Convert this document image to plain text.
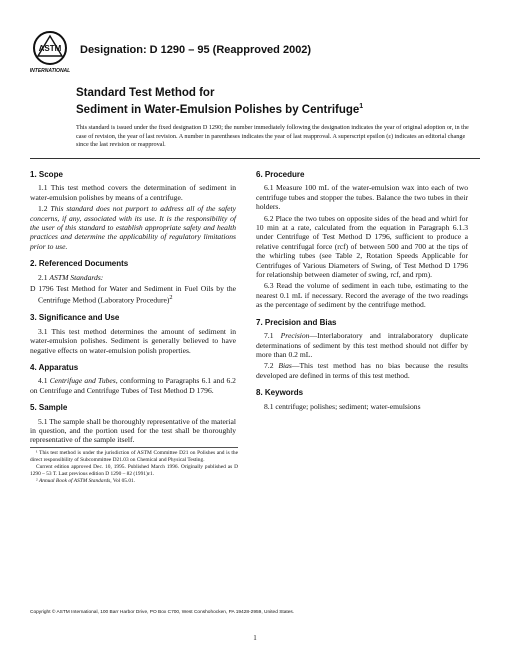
ASTM
INTERNATIONAL
Designation: D 1290 – 95 (Reapproved 2002)
Standard Test Method for
Sediment in Water-Emulsion Polishes by Centrifuge$^1$
This standard is issued under the fixed designation D 1290; the number immediately following the designation indicates the year of original adoption or, in the case of revision, the year of last revision. A number in parentheses indicates the year of last reapproval. A superscript epsilon (ε) indicates an editorial change since the last revision or reapproval.
1. Scope

1.1 This test method covers the determination of sediment in water-emulsion polishes by means of a centrifuge.

1.2 This standard does not purport to address all of the safety concerns, if any, associated with its use. It is the responsibility of the user of this standard to establish appropriate safety and health practices and determine the applicability of regulatory limitations prior to use.

2. Referenced Documents

2.1 ASTM Standards:

D 1796 Test Method for Water and Sediment in Fuel Oils by the Centrifuge Method (Laboratory Procedure)$^2$

3. Significance and Use

3.1 This test method determines the amount of sediment in water-emulsion polishes. Sediment is generally believed to have negative effects on water-emulsion polish properties.

4. Apparatus

4.1 Centrifuge and Tubes, conforming to Paragraphs 6.1 and 6.2 on Centrifuge and Centrifuge Tubes of Test Method D 1796.

5. Sample

5.1 The sample shall be thoroughly representative of the material in question, and the portion used for the test shall be thoroughly representative of the sample itself.

6. Procedure

6.1 Measure 100 mL of the water-emulsion wax into each of two centrifuge tubes and stopper the tubes. Balance the two tubes in their holders.

6.2 Place the two tubes on opposite sides of the head and whirl for 10 min at a rate, calculated from the equation in Paragraph 6.1.3 under Centrifuge of Test Method D 1796, sufficient to produce a relative centrifugal force (rcf) of between 500 and 700 at the tips of the whirling tubes (see Table 2, Rotation Speeds Applicable for Centrifuges of Various Diameters of Swing, of Test Method D 1796 for relationship between diameter of swing, rcf, and rpm).

6.3 Read the volume of sediment in each tube, estimating to the nearest 0.1 mL if necessary. Record the average of the two readings as the percentage of sediment by the centrifuge method.

7. Precision and Bias

7.1 Precision—Interlaboratory and intralaboratory duplicate determinations of sediment by this test method should not differ by more than 0.2 mL.

7.2 Bias—This test method has no bias because the results developed are defined in terms of this test method.

8. Keywords

8.1 centrifuge; polishes; sediment; water-emulsions

¹ This test method is under the jurisdiction of ASTM Committee D21 on Polishes and is the direct responsibility of Subcommittee D21.03 on Chemical and Physical Testing.

Current edition approved Dec. 10, 1995. Published March 1996. Originally published as D 1290 – 53 T. Last previous edition D 1290 – 82 (1991)ε1.

² Annual Book of ASTM Standards, Vol 05.01.

Copyright © ASTM International, 100 Barr Harbor Drive, PO Box C700, West Conshohocken, PA 19428-2959, United States.
1
